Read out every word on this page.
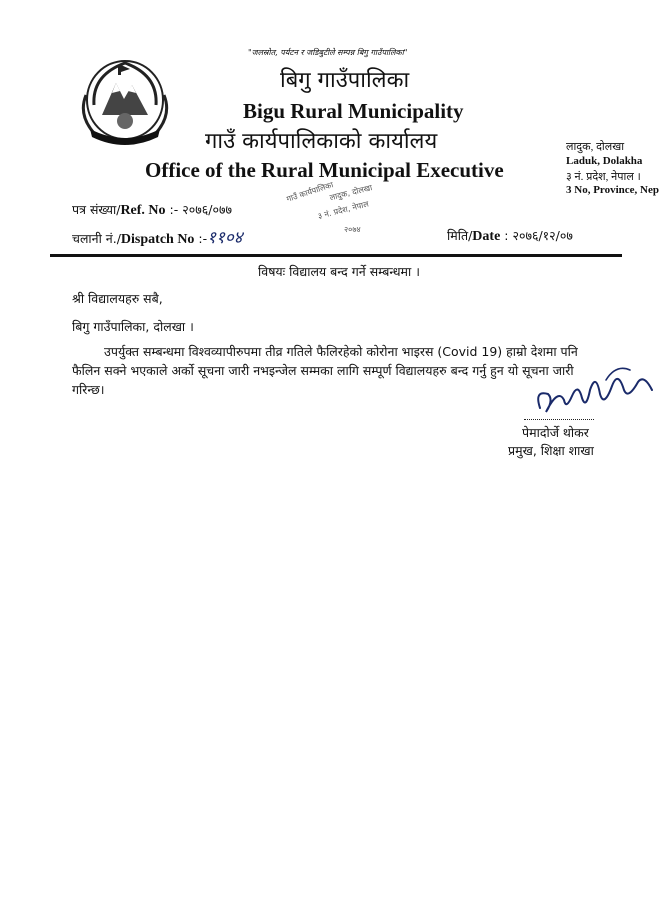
"जलस्रोत, पर्यटन र जडिबुटीले सम्पन्न बिगु गाउँपालिका"
बिगु गाउँपालिका
Bigu Rural Municipality
गाउँ कार्यपालिकाको कार्यालय
Office of the Rural Municipal Executive
लादुक, दोलखा
Laduk, Dolakha
३ नं. प्रदेश, नेपाल ।
3 No, Province, Nep
गाउँ कार्यपालिका
लादुक, दोलखा
३ नं. प्रदेश, नेपाल
२०७४
पत्र संख्या/Ref. No :- २०७६/०७७
चलानी नं./Dispatch No :-११०४	मिति/Date : २०७६/१२/०७
विषयः विद्यालय बन्द गर्ने सम्बन्धमा ।
श्री विद्यालयहरु सबै,
बिगु गाउँपालिका, दोलखा ।
उपर्युक्त सम्बन्धमा विश्वव्यापीरुपमा तीव्र गतिले फैलिरहेको कोरोना भाइरस (Covid 19) हाम्रो देशमा पनि फैलिन सक्ने भएकाले अर्को सूचना जारी नभइन्जेल सम्मका लागि सम्पूर्ण विद्यालयहरु बन्द गर्नु हुन यो सूचना जारी गरिन्छ।
पेमादोर्जे थोकर
प्रमुख, शिक्षा शाखा
